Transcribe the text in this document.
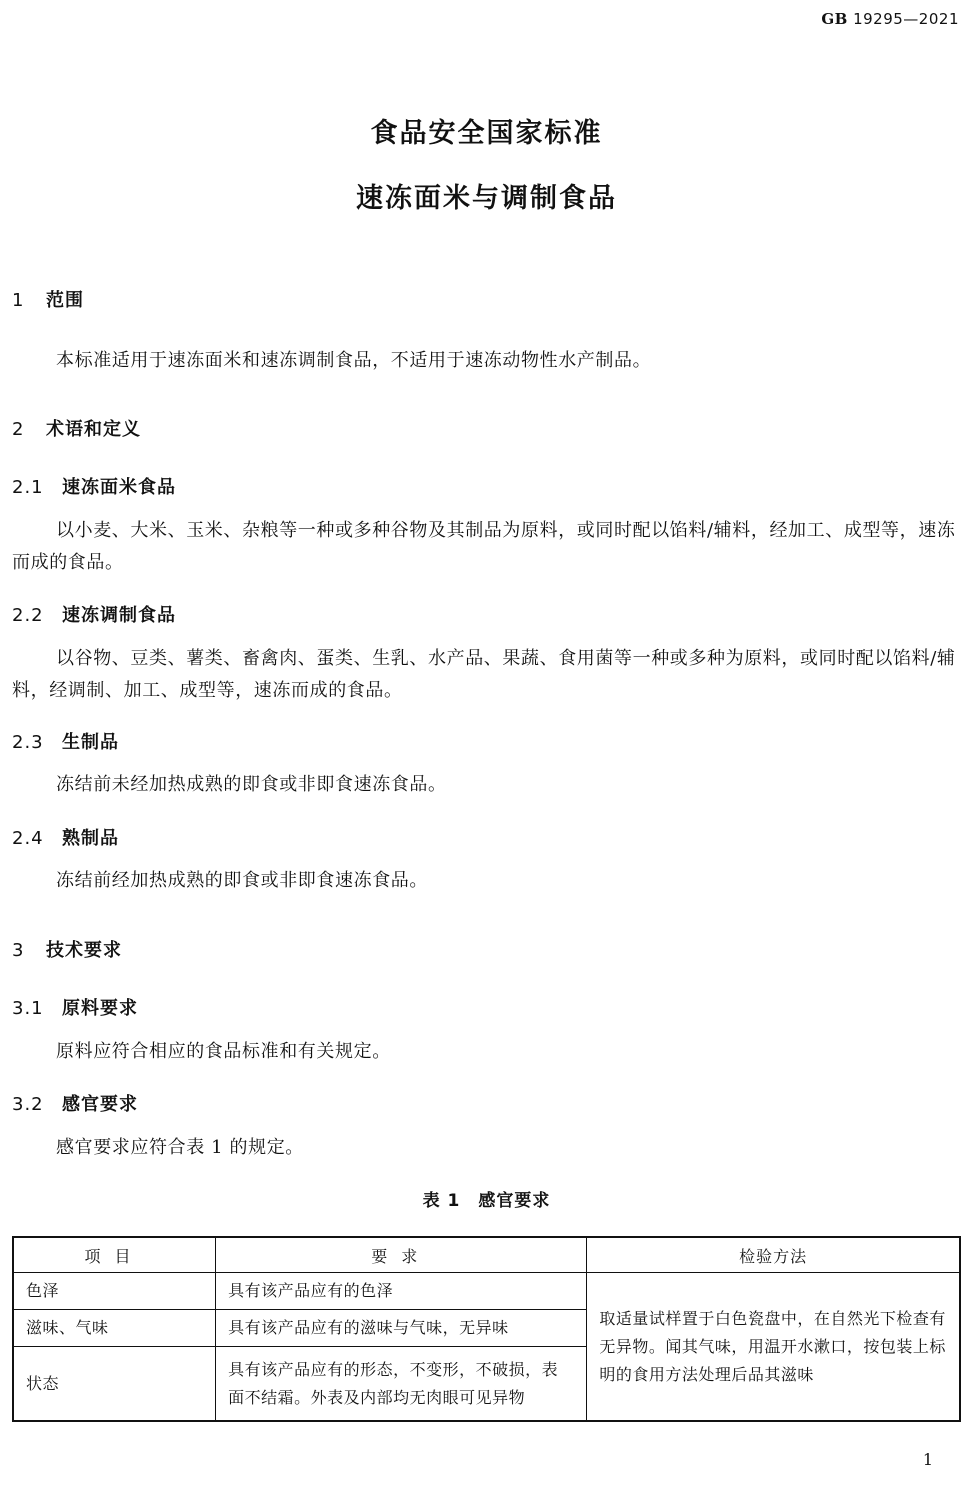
GB 19295—2021
食品安全国家标准
速冻面米与调制食品
1 范围
本标准适用于速冻面米和速冻调制食品，不适用于速冻动物性水产制品。
2 术语和定义
2.1 速冻面米食品
以小麦、大米、玉米、杂粮等一种或多种谷物及其制品为原料，或同时配以馅料/辅料，经加工、成型等，速冻而成的食品。
2.2 速冻调制食品
以谷物、豆类、薯类、畜禽肉、蛋类、生乳、水产品、果蔬、食用菌等一种或多种为原料，或同时配以馅料/辅料，经调制、加工、成型等，速冻而成的食品。
2.3 生制品
冻结前未经加热成熟的即食或非即食速冻食品。
2.4 熟制品
冻结前经加热成熟的即食或非即食速冻食品。
3 技术要求
3.1 原料要求
原料应符合相应的食品标准和有关规定。
3.2 感官要求
感官要求应符合表 1 的规定。
表 1　感官要求
项目	要求	检验方法
色泽	具有该产品应有的色泽	取适量试样置于白色瓷盘中，在自然光下检查有无异物。闻其气味，用温开水漱口，按包装上标明的食用方法处理后品其滋味
滋味、气味	具有该产品应有的滋味与气味，无异味	
状态	具有该产品应有的形态，不变形，不破损，表面不结霜。外表及内部均无肉眼可见异物	
1
